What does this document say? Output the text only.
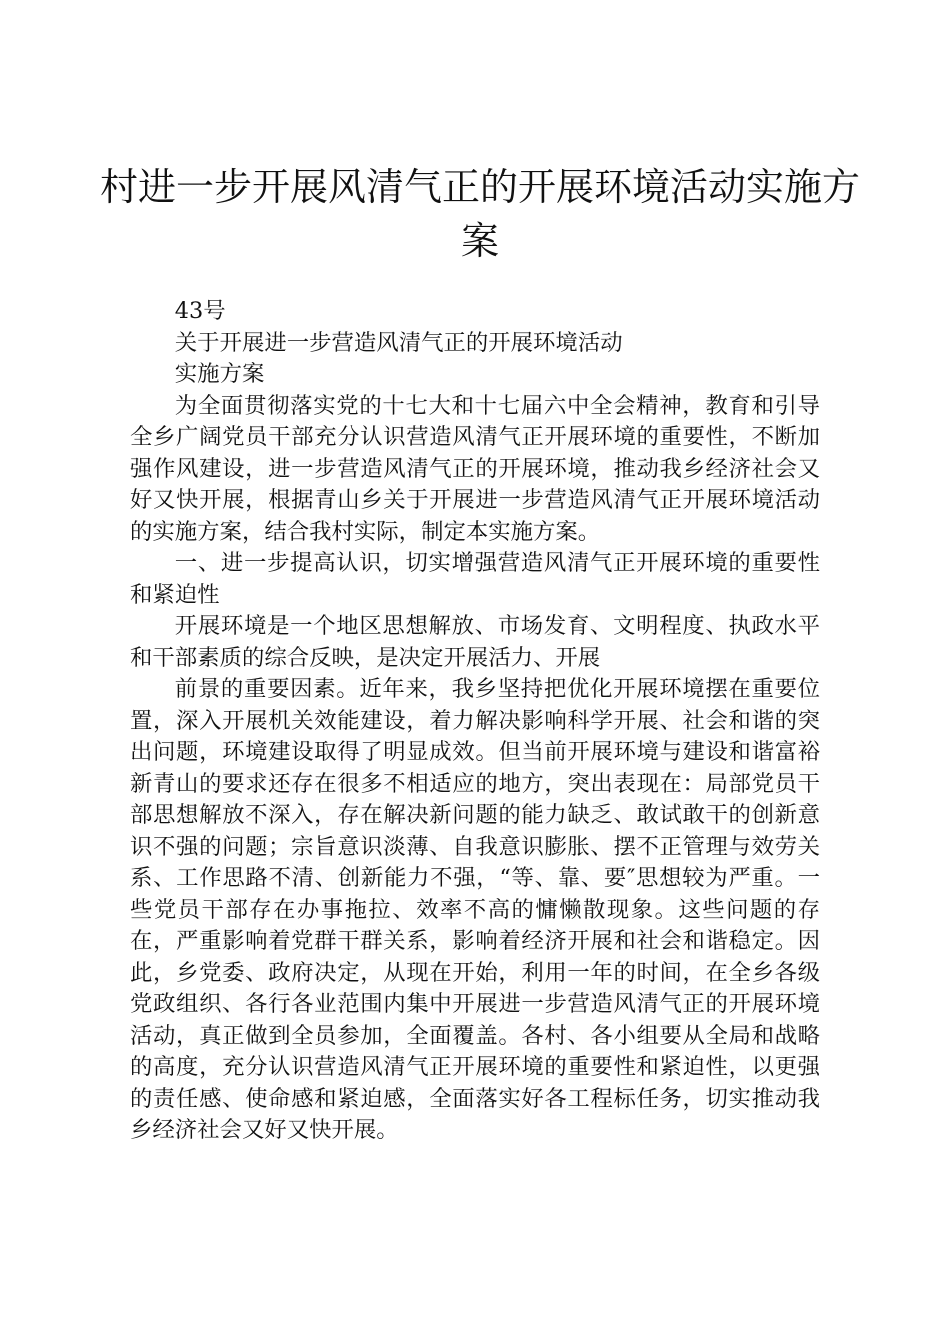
村进一步开展风清气正的开展环境活动实施方案

43号

关于开展进一步营造风清气正的开展环境活动

实施方案

为全面贯彻落实党的十七大和十七届六中全会精神，教育和引导全乡广阔党员干部充分认识营造风清气正开展环境的重要性，不断加强作风建设，进一步营造风清气正的开展环境，推动我乡经济社会又好又快开展，根据青山乡关于开展进一步营造风清气正开展环境活动的实施方案，结合我村实际，制定本实施方案。

一、进一步提高认识，切实增强营造风清气正开展环境的重要性和紧迫性

开展环境是一个地区思想解放、市场发育、文明程度、执政水平和干部素质的综合反映，是决定开展活力、开展

前景的重要因素。近年来，我乡坚持把优化开展环境摆在重要位置，深入开展机关效能建设，着力解决影响科学开展、社会和谐的突出问题，环境建设取得了明显成效。但当前开展环境与建设和谐富裕新青山的要求还存在很多不相适应的地方，突出表现在：局部党员干部思想解放不深入，存在解决新问题的能力缺乏、敢试敢干的创新意识不强的问题；宗旨意识淡薄、自我意识膨胀、摆不正管理与效劳关系、工作思路不清、创新能力不强，“等、靠、要″思想较为严重。一些党员干部存在办事拖拉、效率不高的慵懒散现象。这些问题的存在，严重影响着党群干群关系，影响着经济开展和社会和谐稳定。因此，乡党委、政府决定，从现在开始，利用一年的时间，在全乡各级党政组织、各行各业范围内集中开展进一步营造风清气正的开展环境活动，真正做到全员参加，全面覆盖。各村、各小组要从全局和战略的高度，充分认识营造风清气正开展环境的重要性和紧迫性，以更强的责任感、使命感和紧迫感，全面落实好各工程标任务，切实推动我乡经济社会又好又快开展。
